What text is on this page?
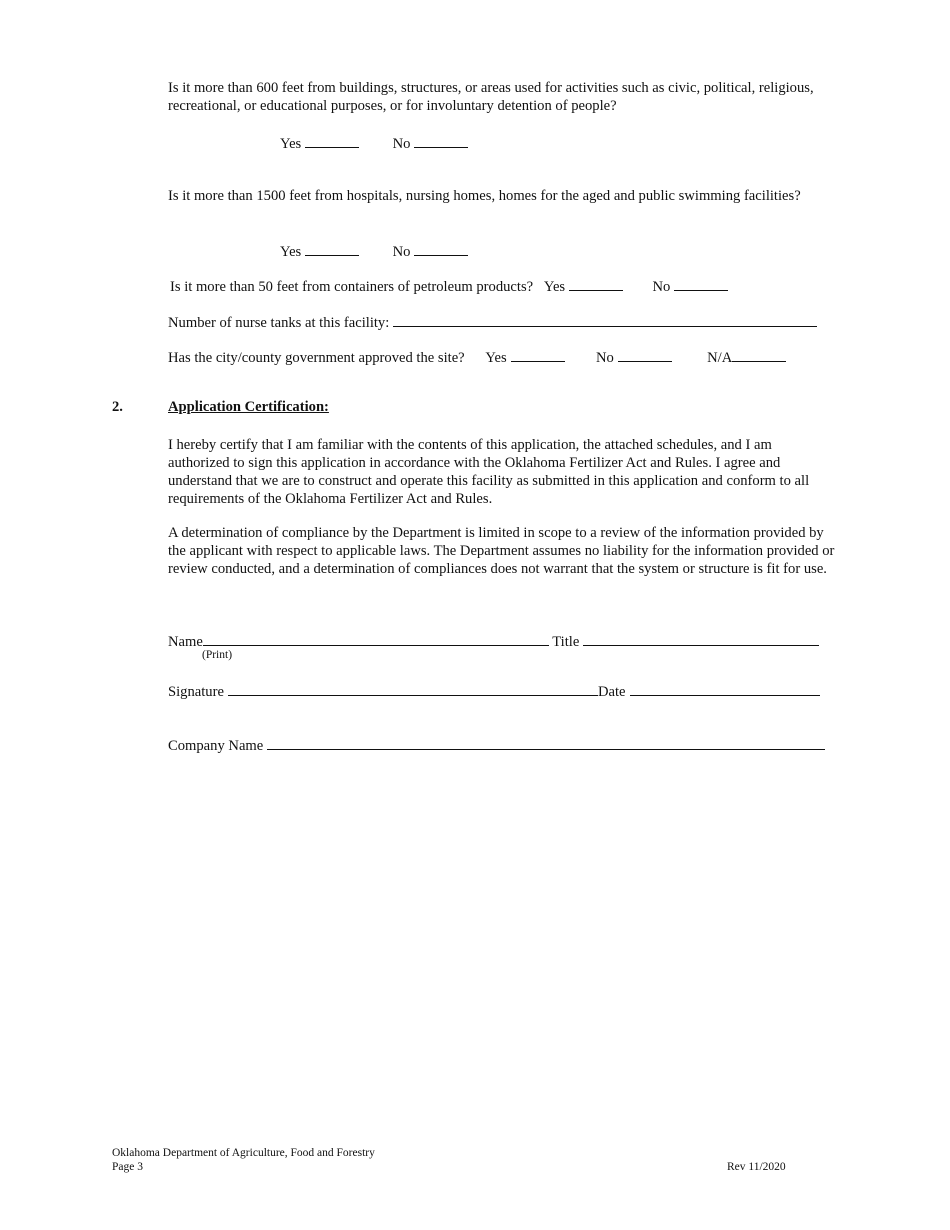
Is it more than 600 feet from buildings, structures, or areas used for activities such as civic, political, religious, recreational, or educational purposes, or for involuntary detention of people?
Yes	No
Is it more than 1500 feet from hospitals, nursing homes, homes for the aged and public swimming facilities?
Yes	No
Is it more than 50 feet from containers of petroleum products? Yes	No
Number of nurse tanks at this facility:
Has the city/county government approved the site? Yes	No	N/A
2.	Application Certification:
I hereby certify that I am familiar with the contents of this application, the attached schedules, and I am authorized to sign this application in accordance with the Oklahoma Fertilizer Act and Rules. I agree and understand that we are to construct and operate this facility as submitted in this application and conform to all requirements of the Oklahoma Fertilizer Act and Rules.
A determination of compliance by the Department is limited in scope to a review of the information provided by the applicant with respect to applicable laws. The Department assumes no liability for the information provided or review conducted, and a determination of compliances does not warrant that the system or structure is fit for use.
Name	Title
(Print)
Signature	Date
Company Name
Oklahoma Department of Agriculture, Food and Forestry
Page 3	Rev 11/2020
